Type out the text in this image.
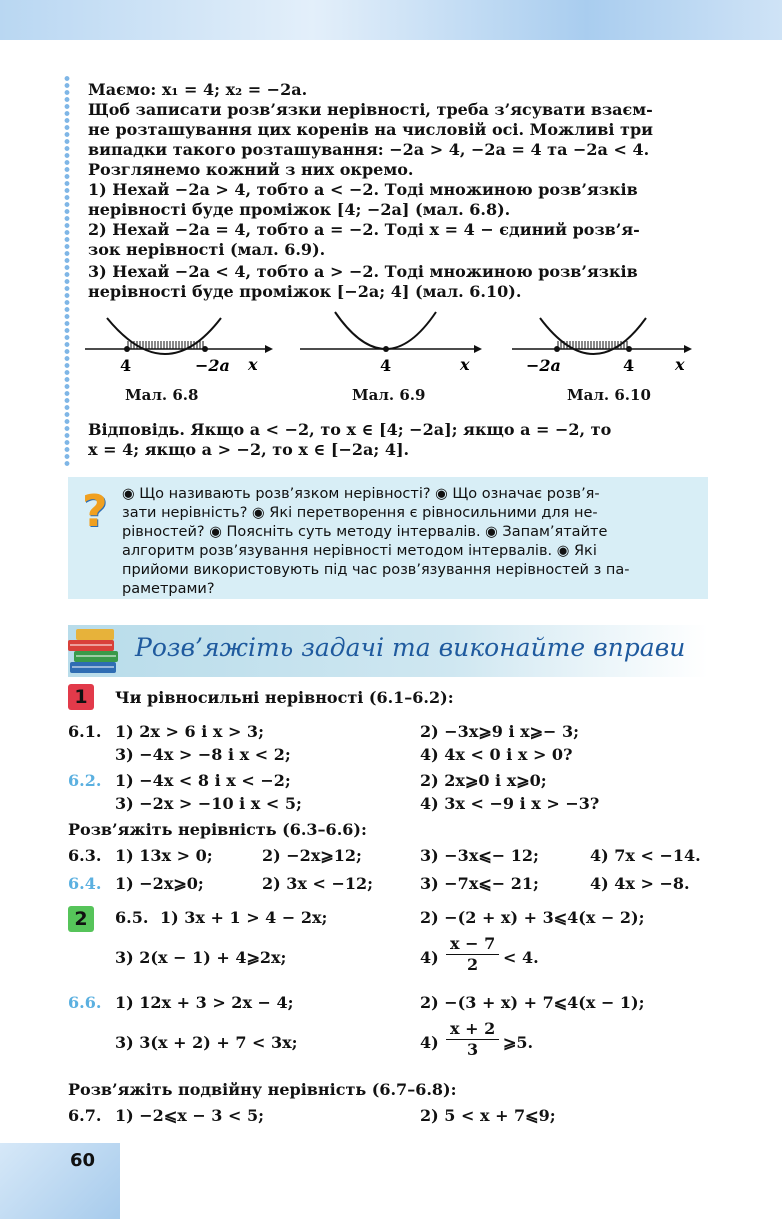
Маємо: x₁ = 4; x₂ = −2a.
Щоб записати розв’язки нерівності, треба з’ясувати взаєм-
не розташування цих коренів на числовій осі. Можливі три
випадки такого розташування: −2a > 4, −2a = 4 та −2a < 4.
Розглянемо кожний з них окремо.
1) Нехай −2a > 4, тобто a < −2. Тоді множиною розв’язків
нерівності буде проміжок [4; −2a] (мал. 6.8).
2) Нехай −2a = 4, тобто a = −2. Тоді x = 4 − єдиний розв’я-
зок нерівності (мал. 6.9).
3) Нехай −2a < 4, тобто a > −2. Тоді множиною розв’язків
нерівності буде проміжок [−2a; 4] (мал. 6.10).
4	−2a x
Мал. 6.8
4	x
Мал. 6.9
−2a	4	x
Мал. 6.10
Відповідь. Якщо a < −2, то x ∈ [4; −2a]; якщо a = −2, то
x = 4; якщо a > −2, то x ∈ [−2a; 4].
? ◉ Що називають розв’язком нерівності? ◉ Що означає розв’я-
зати нерівність? ◉ Які перетворення є рівносильними для не-
рівностей? ◉ Поясніть суть методу інтервалів. ◉ Запам’ятайте
алгоритм розв’язування нерівності методом інтервалів. ◉ Які
прийоми використовують під час розв’язування нерівностей з па-
раметрами?
Розв’яжіть задачі та виконайте вправи
1	Чи рівносильні нерівності (6.1–6.2):
6.1. 1) 2x > 6 і x > 3;	2) −3x⩾9 і x⩾− 3;
3) −4x > −8 і x < 2;	4) 4x < 0 і x > 0?
6.2. 1) −4x < 8 і x < −2;	2) 2x⩾0 і x⩾0;
3) −2x > −10 і x < 5;	4) 3x < −9 і x > −3?
Розв’яжіть нерівність (6.3–6.6):
6.3. 1) 13x > 0;	2) −2x⩾12;	3) −3x⩽− 12;	4) 7x < −14.
6.4. 1) −2x⩾0;	2) 3x < −12;	3) −7x⩽− 21;	4) 4x > −8.
2	6.5. 1) 3x + 1 > 4 − 2x;	2) −(2 + x) + 3⩽4(x − 2);
3) 2(x − 1) + 4⩾2x;	$4) \frac{x - 7}{2} < 4$.
6.6. 1) 12x + 3 > 2x − 4;	2) −(3 + x) + 7⩽4(x − 1);
3) 3(x + 2) + 7 < 3x;	$4) \frac{x + 2}{3}$ ⩾5.
Розв’яжіть подвійну нерівність (6.7–6.8):
6.7. 1) −2⩽x − 3 < 5;	2) 5 < x + 7⩽9;
60
